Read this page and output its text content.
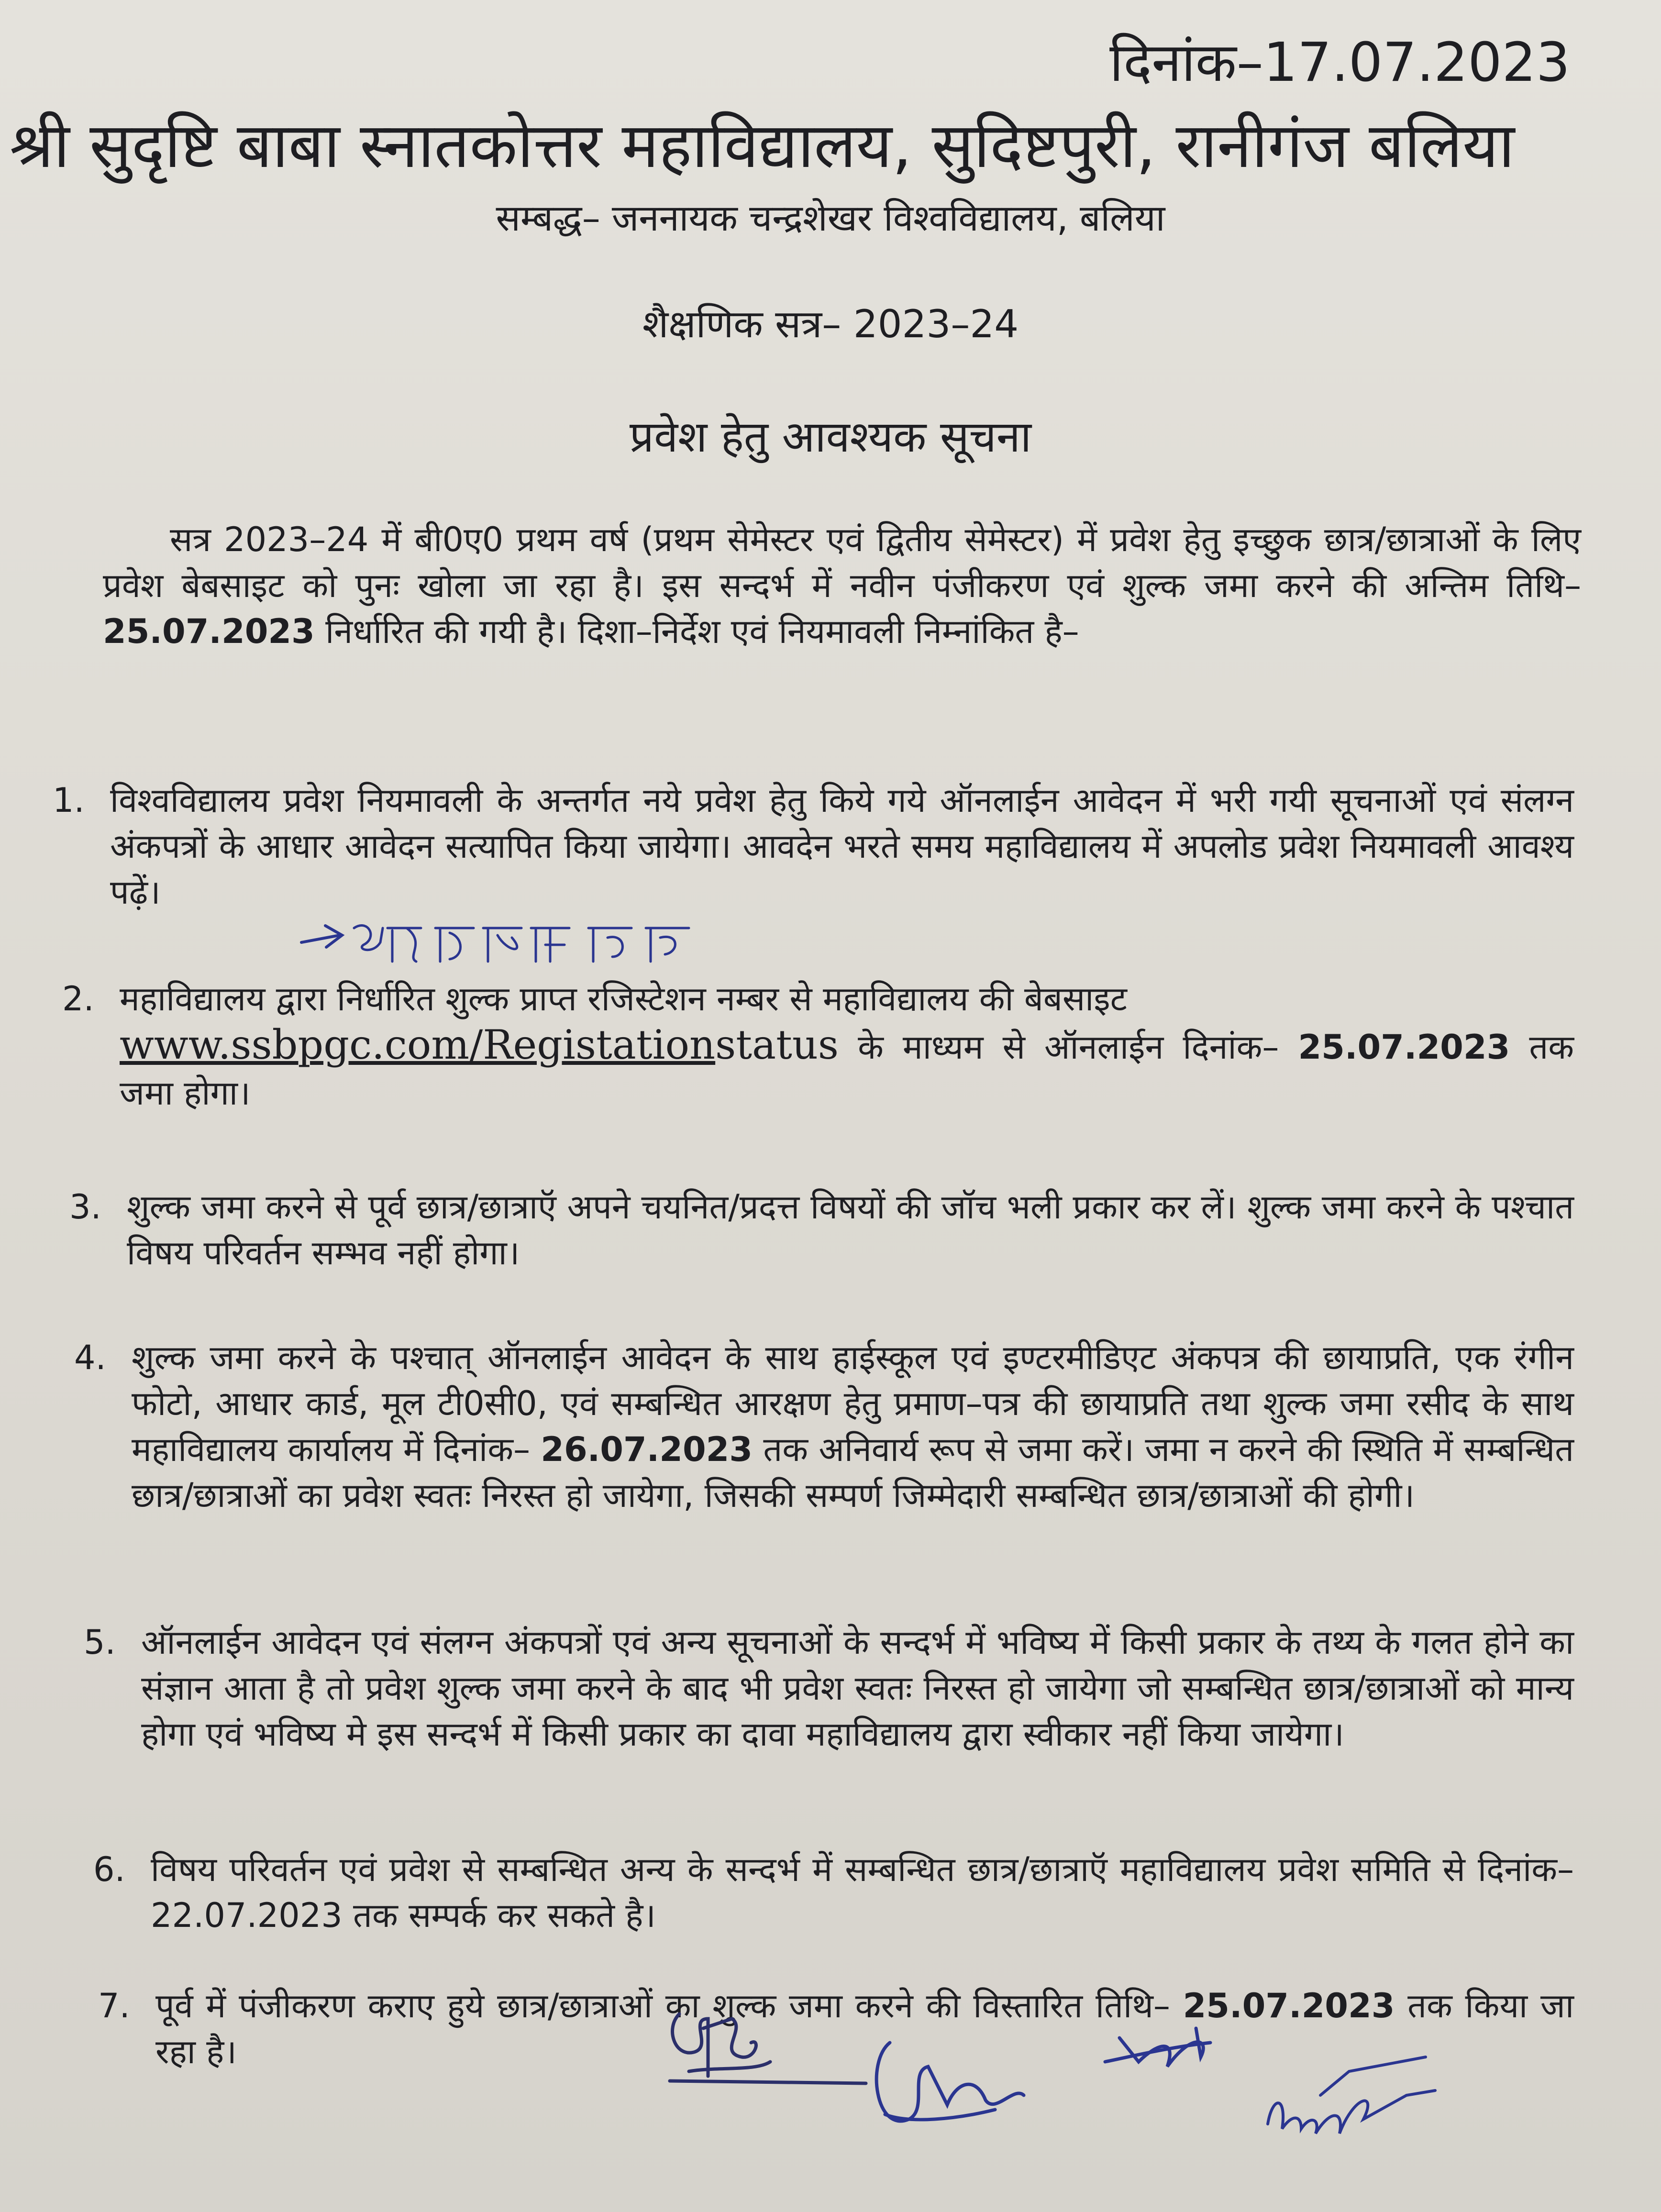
दिनांक–17.07.2023
श्री सुदृष्टि बाबा स्नातकोत्तर महाविद्यालय, सुदिष्टपुरी, रानीगंज बलिया
सम्बद्ध– जननायक चन्द्रशेखर विश्वविद्यालय, बलिया
शैक्षणिक सत्र– 2023–24
प्रवेश हेतु आवश्यक सूचना
सत्र 2023–24 में बी0ए0 प्रथम वर्ष (प्रथम सेमेस्टर एवं द्वितीय सेमेस्टर) में प्रवेश हेतु इच्छुक छात्र/छात्राओं के लिए प्रवेश बेबसाइट को पुनः खोला जा रहा है। इस सन्दर्भ में नवीन पंजीकरण एवं शुल्क जमा करने की अन्तिम तिथि– 25.07.2023 निर्धारित की गयी है। दिशा–निर्देश एवं नियमावली निम्नांकित है–
1. विश्वविद्यालय प्रवेश नियमावली के अन्तर्गत नये प्रवेश हेतु किये गये ऑनलाईन आवेदन में भरी गयी सूचनाओं एवं संलग्न अंकपत्रों के आधार आवेदन सत्यापित किया जायेगा। आवदेन भरते समय महाविद्यालय में अपलोड प्रवेश नियमावली आवश्य पढ़ें।
2. महाविद्यालय द्वारा निर्धारित शुल्क प्राप्त रजिस्टेशन नम्बर से महाविद्यालय की बेबसाइट
www.ssbpgc.com/Registationstatus के माध्यम से ऑनलाईन दिनांक– 25.07.2023 तक जमा होगा।
3. शुल्क जमा करने से पूर्व छात्र/छात्राऍ अपने चयनित/प्रदत्त विषयों की जॉच भली प्रकार कर लें। शुल्क जमा करने के पश्चात विषय परिवर्तन सम्भव नहीं होगा।
4. शुल्क जमा करने के पश्चात् ऑनलाईन आवेदन के साथ हाईस्कूल एवं इण्टरमीडिएट अंकपत्र की छायाप्रति, एक रंगीन फोटो, आधार कार्ड, मूल टी0सी0, एवं सम्बन्धित आरक्षण हेतु प्रमाण–पत्र की छायाप्रति तथा शुल्क जमा रसीद के साथ महाविद्यालय कार्यालय में दिनांक– 26.07.2023 तक अनिवार्य रूप से जमा करें। जमा न करने की स्थिति में सम्बन्धित छात्र/छात्राओं का प्रवेश स्वतः निरस्त हो जायेगा, जिसकी सम्पर्ण जिम्मेदारी सम्बन्धित छात्र/छात्राओं की होगी।
5. ऑनलाईन आवेदन एवं संलग्न अंकपत्रों एवं अन्य सूचनाओं के सन्दर्भ में भविष्य में किसी प्रकार के तथ्य के गलत होने का संज्ञान आता है तो प्रवेश शुल्क जमा करने के बाद भी प्रवेश स्वतः निरस्त हो जायेगा जो सम्बन्धित छात्र/छात्राओं को मान्य होगा एवं भविष्य मे इस सन्दर्भ में किसी प्रकार का दावा महाविद्यालय द्वारा स्वीकार नहीं किया जायेगा।
6. विषय परिवर्तन एवं प्रवेश से सम्बन्धित अन्य के सन्दर्भ में सम्बन्धित छात्र/छात्राऍ महाविद्यालय प्रवेश समिति से दिनांक– 22.07.2023 तक सम्पर्क कर सकते है।
7. पूर्व में पंजीकरण कराए हुये छात्र/छात्राओं का शुल्क जमा करने की विस्तारित तिथि– 25.07.2023 तक किया जा रहा है।
